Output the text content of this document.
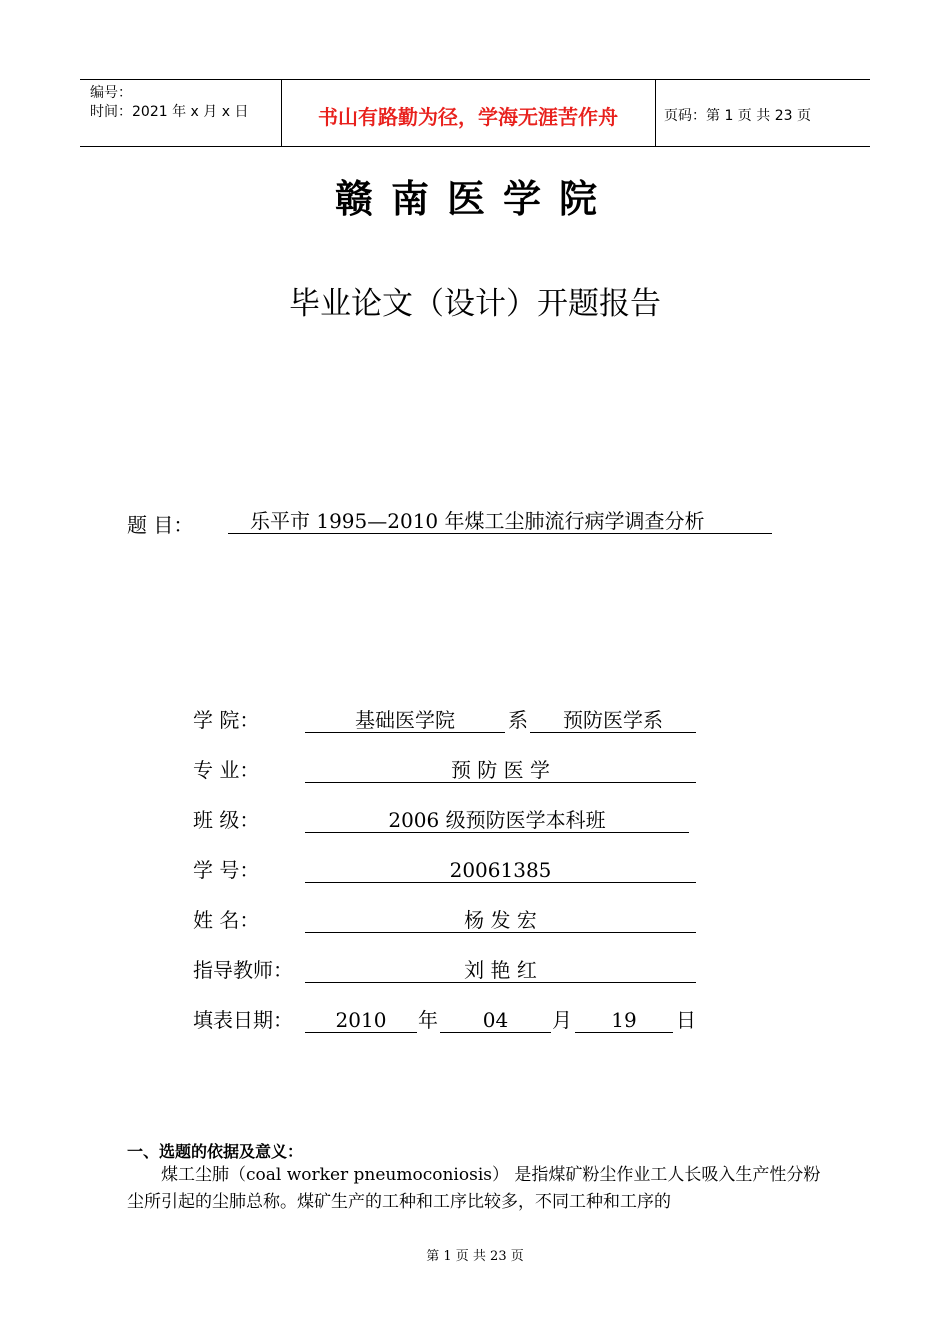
编号：
时间：2021 年 x 月 x 日	书山有路勤为径，学海无涯苦作舟	页码：第 1 页 共 23 页
赣南医学院
毕业论文（设计）开题报告
题 目：	乐平市 1995—2010 年煤工尘肺流行病学调查分析
学 院：	基础医学院	系	预防医学系
专 业：	预 防 医 学
班 级：	2006 级预防医学本科班
学 号：	20061385
姓 名：	杨 发 宏
指导教师：	刘 艳 红
填表日期：	2010	年	04	月	19	日
一、选题的依据及意义：
煤工尘肺（coal worker pneumoconiosis） 是指煤矿粉尘作业工人长吸入生产性分粉尘所引起的尘肺总称。煤矿生产的工种和工序比较多，不同工种和工序的
第 1 页 共 23 页
